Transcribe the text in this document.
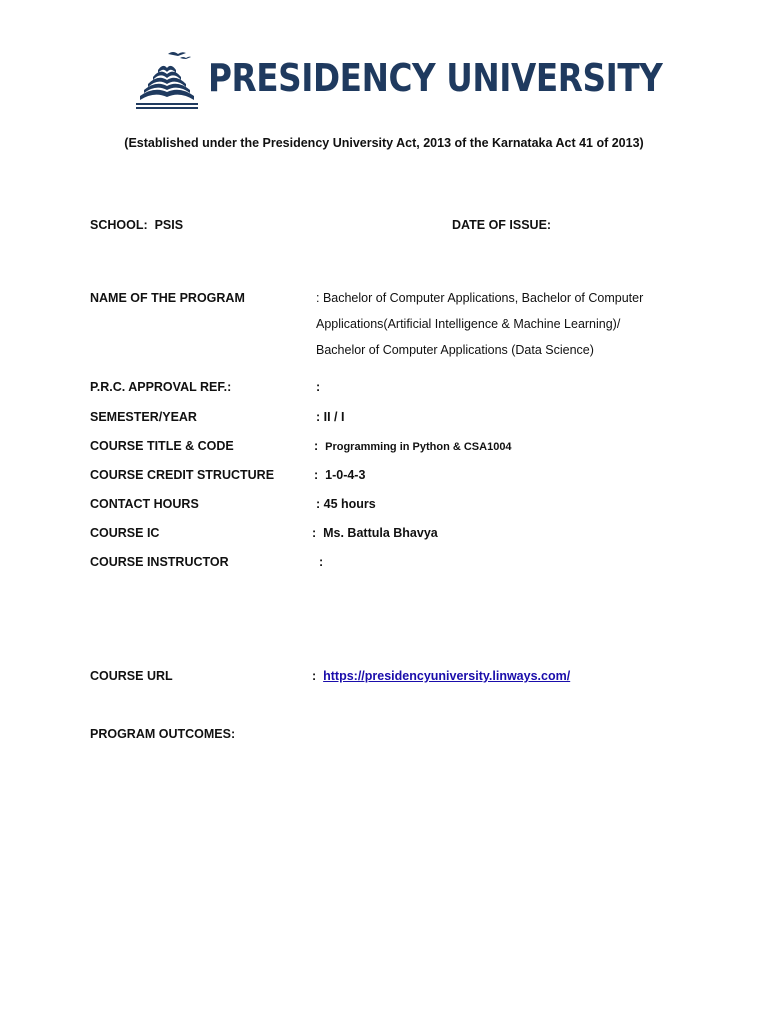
PRESIDENCY UNIVERSITY
(Established under the Presidency University Act, 2013 of the Karnataka Act 41 of 2013)
SCHOOL: PSIS	DATE OF ISSUE:
NAME OF THE PROGRAM	: Bachelor of Computer Applications, Bachelor of Computer
Applications(Artificial Intelligence & Machine Learning)/
Bachelor of Computer Applications (Data Science)
P.R.C. APPROVAL REF.:	:
SEMESTER/YEAR	: II / I
COURSE TITLE & CODE	: Programming in Python & CSA1004
COURSE CREDIT STRUCTURE	: 1-0-4-3
CONTACT HOURS	: 45 hours
COURSE IC	: Ms. Battula Bhavya
COURSE INSTRUCTOR	:
COURSE URL	: https://presidencyuniversity.linways.com/
PROGRAM OUTCOMES:
